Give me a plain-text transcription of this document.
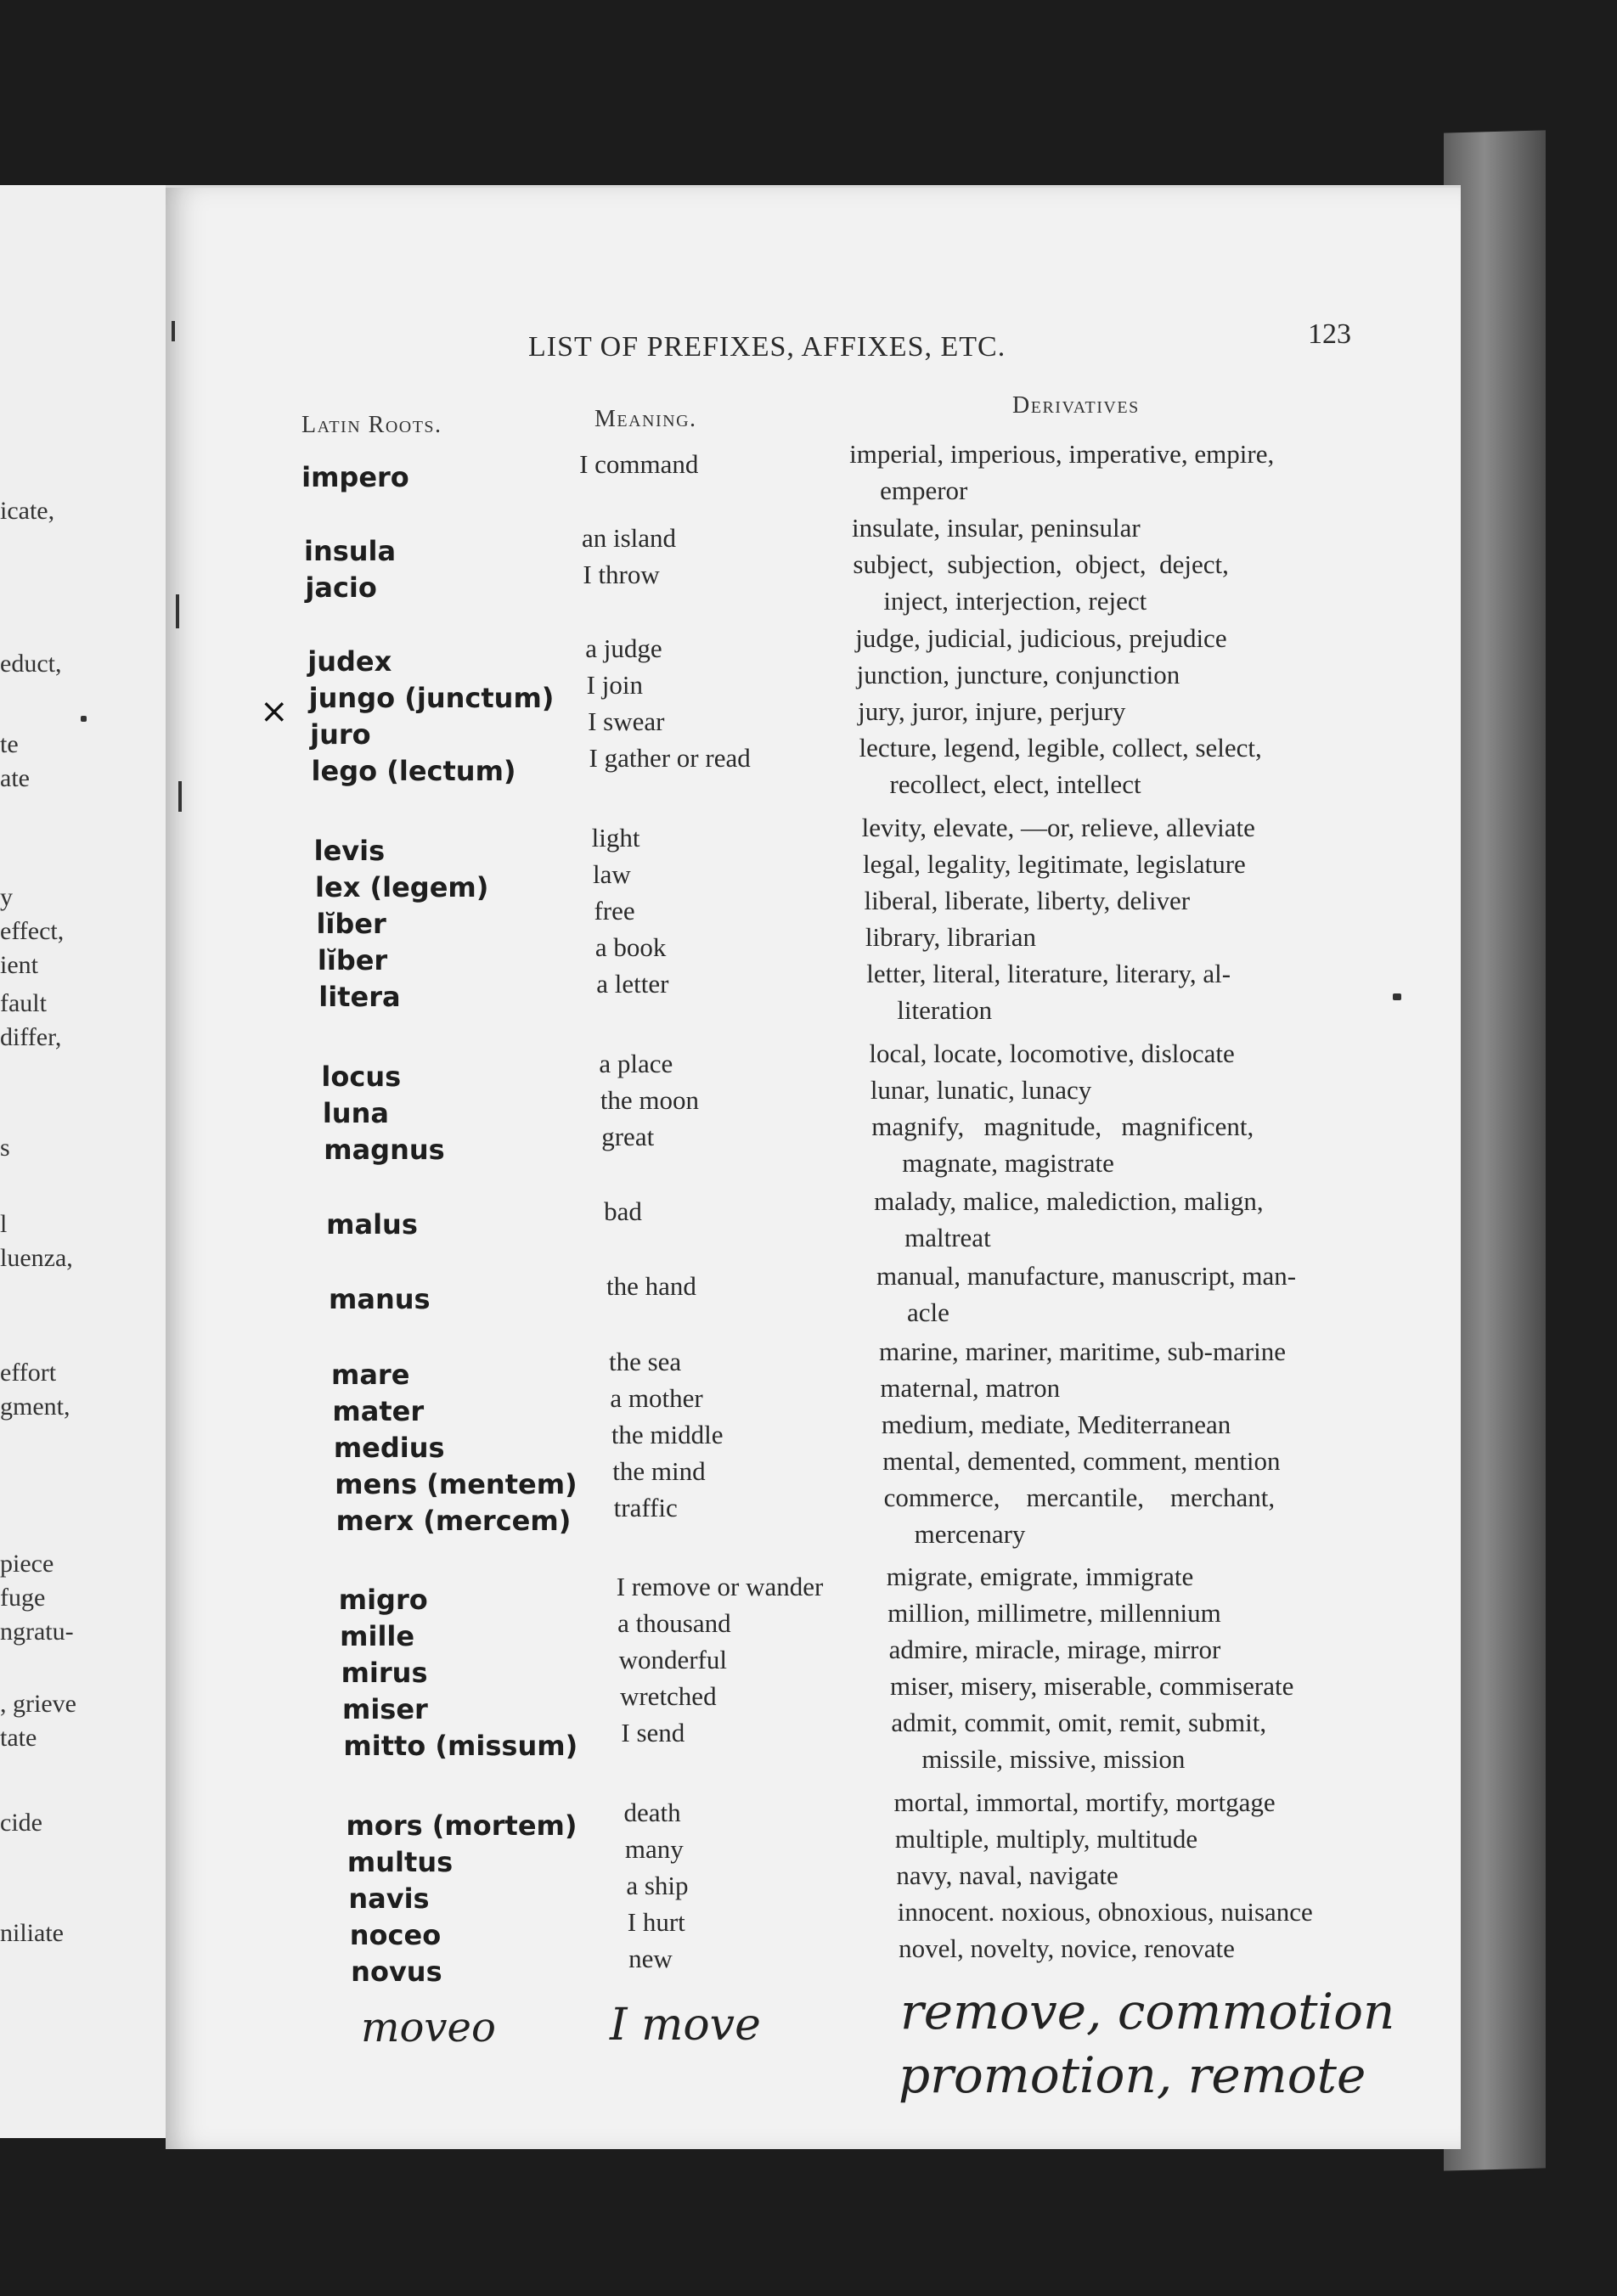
icate,
educt,
te
ate
y
effect,
ient
fault
differ,
s
l
luenza,
effort
gment,
piece
fuge
ngratu-
, grieve
tate
cide
niliate
LIST OF PREFIXES, AFFIXES, ETC.	123
Latin Roots.	Meaning.
Derivatives
×
impero	I command	imperial, imperious, imperative, empire,
emperor
insula	an island	insulate, insular, peninsular
jacio	I throw	subject,  subjection,  object,  deject,
inject, interjection, reject
judex	a judge	judge, judicial, judicious, prejudice
jungo (junctum) I join	junction, juncture, conjunction
juro	I swear	jury, juror, injure, perjury
lego (lectum)	I gather or read	lecture, legend, legible, collect, select,
recollect, elect, intellect
levis	light	levity, elevate, —or, relieve, alleviate
lex (legem)	law	legal, legality, legitimate, legislature
lĭber	free	liberal, liberate, liberty, deliver
lĭber	a book	library, librarian
litera	a letter	letter, literal, literature, literary, al-
literation
locus	a place	local, locate, locomotive, dislocate
luna	the moon	lunar, lunatic, lunacy
magnus	great	magnify,   magnitude,   magnificent,
magnate, magistrate
malus	bad	malady, malice, malediction, malign,
maltreat
manus	the hand	manual, manufacture, manuscript, man-
acle
mare	the sea	marine, mariner, maritime, sub-marine
mater	a mother	maternal, matron
medius	the middle	medium, mediate, Mediterranean
mens (mentem) the mind	mental, demented, comment, mention
merx (mercem) traffic	commerce,    mercantile,    merchant,
mercenary
migro	I remove or wander migrate, emigrate, immigrate
mille	a thousand	million, millimetre, millennium
mirus	wonderful	admire, miracle, mirage, mirror
miser	wretched	miser, misery, miserable, commiserate
mitto (missum) I send	admit, commit, omit, remit, submit,
missile, missive, mission
mors (mortem) death	mortal, immortal, mortify, mortgage
multus	many	multiple, multiply, multitude
navis	a ship	navy, naval, navigate
noceo	I hurt	innocent. noxious, obnoxious, nuisance
novus	new	novel, novelty, novice, renovate
moveo	I move	remove, commotion
promotion, remote
